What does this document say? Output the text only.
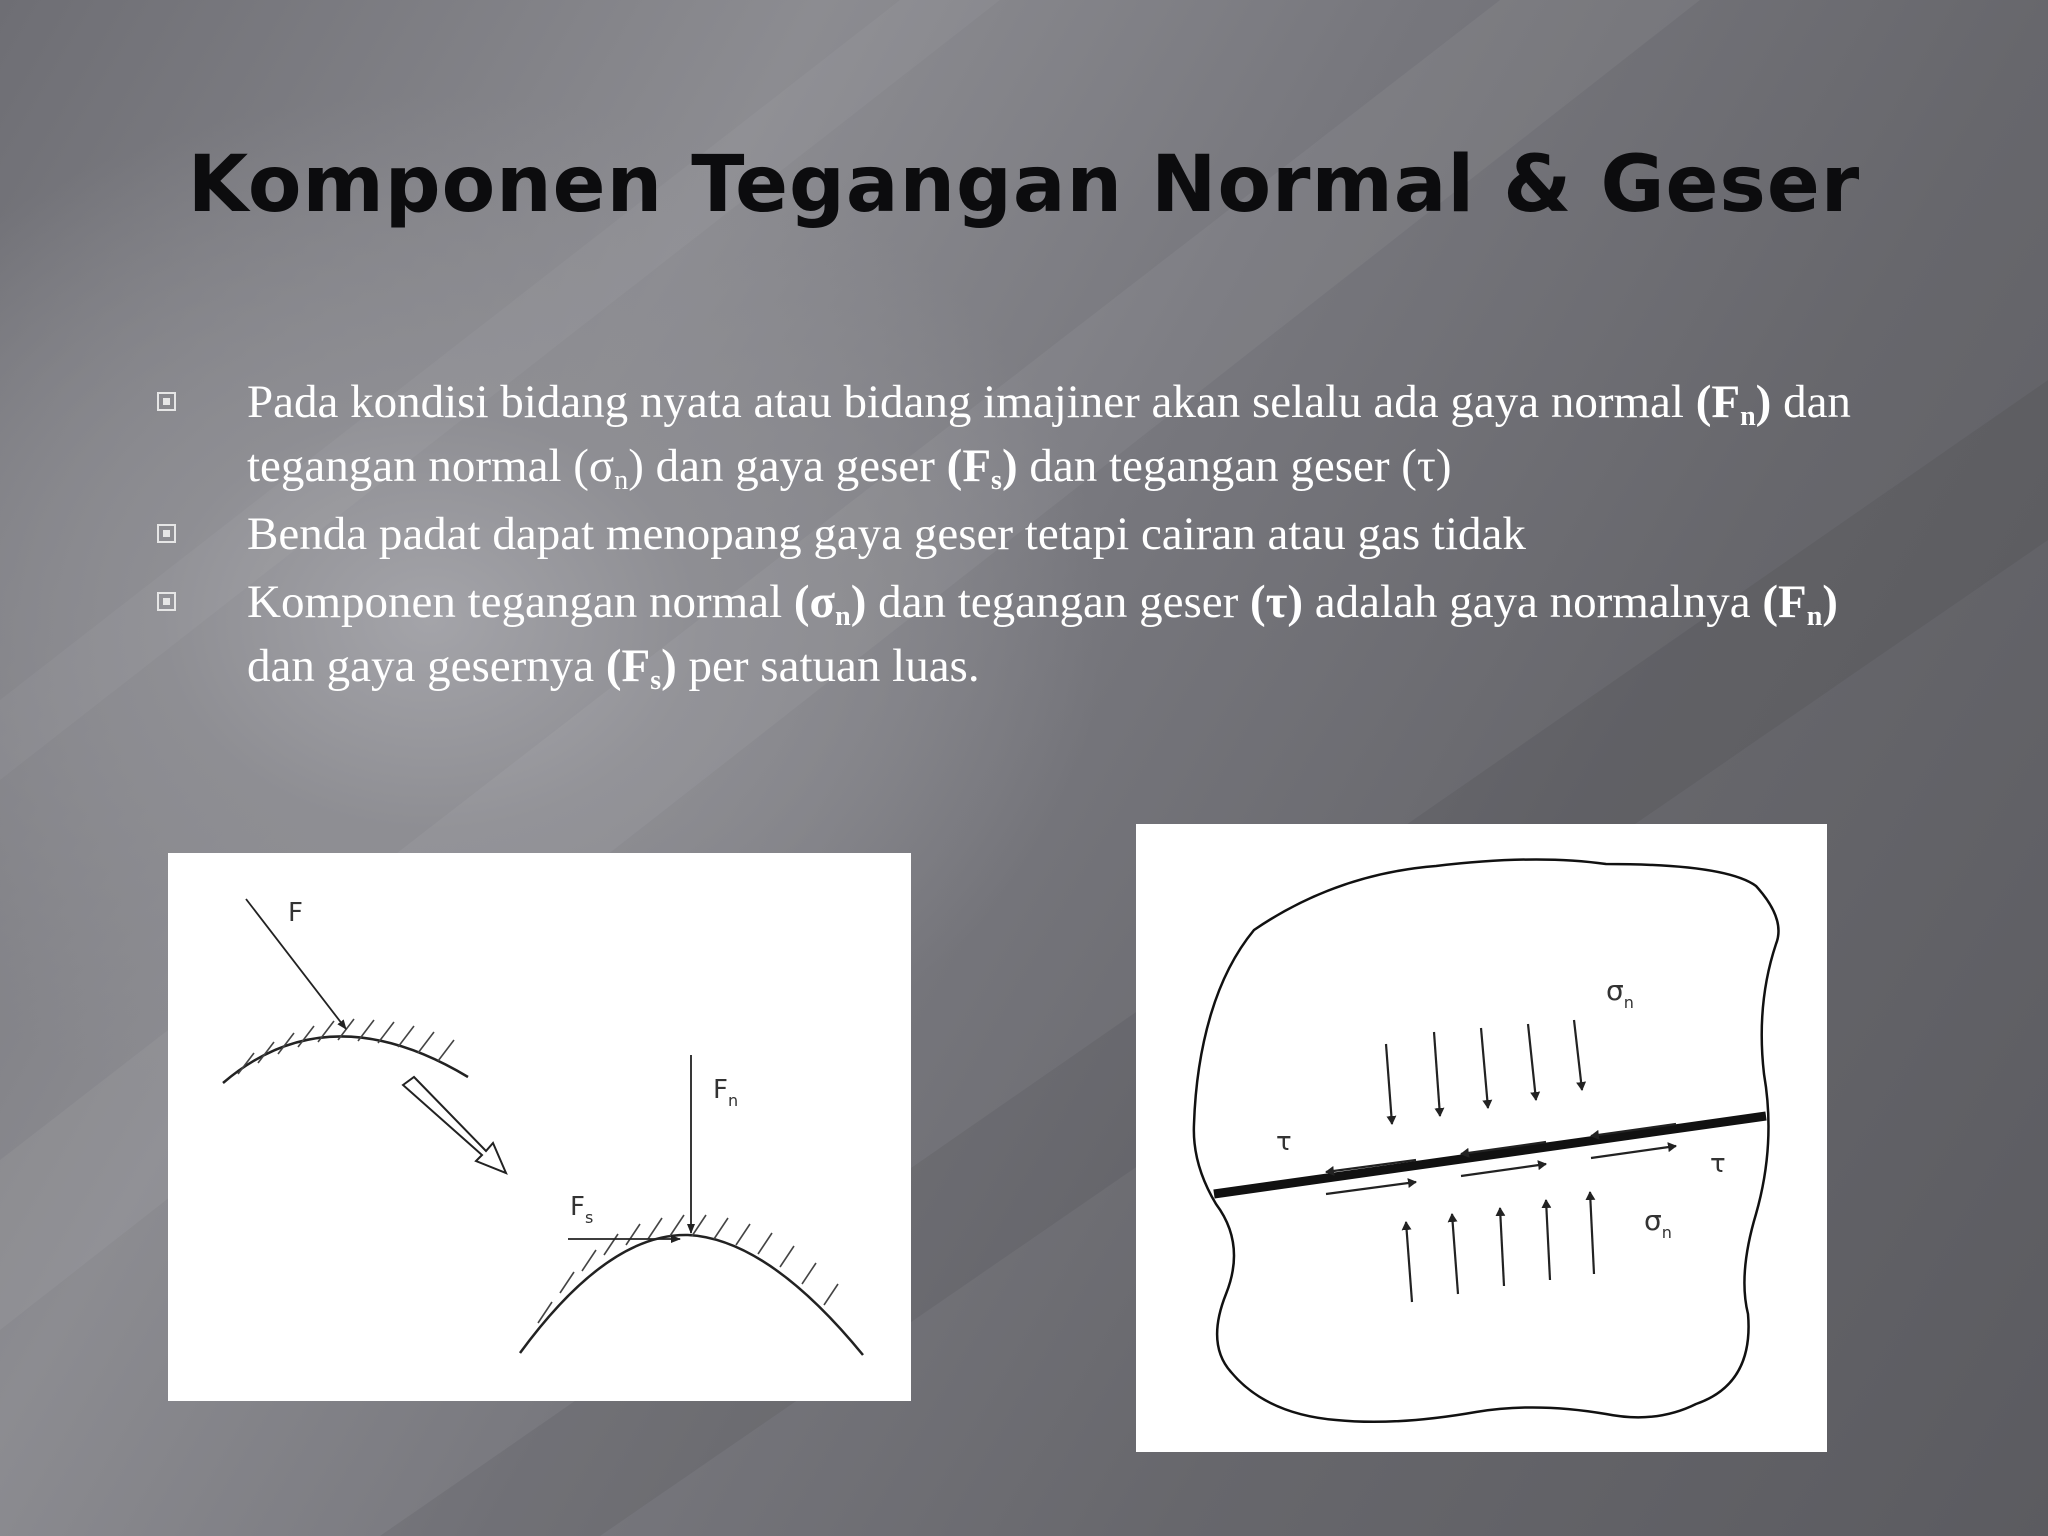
Komponen Tegangan Normal & Geser
Pada kondisi bidang nyata atau bidang imajiner akan selalu ada gaya normal $(F_n)$ dan tegangan normal $(\sigma_n)$ dan gaya geser $(F_s)$ dan tegangan geser (τ)
Benda padat dapat menopang gaya geser tetapi cairan atau gas tidak
Komponen tegangan normal $(\sigma_n)$ dan tegangan geser (τ) adalah gaya normalnya $(F_n)$ dan gaya gesernya $(F_s)$ per satuan luas.
F
$F_n$
$F_s$
$\sigma_n$
$\sigma_n$
τ
τ
